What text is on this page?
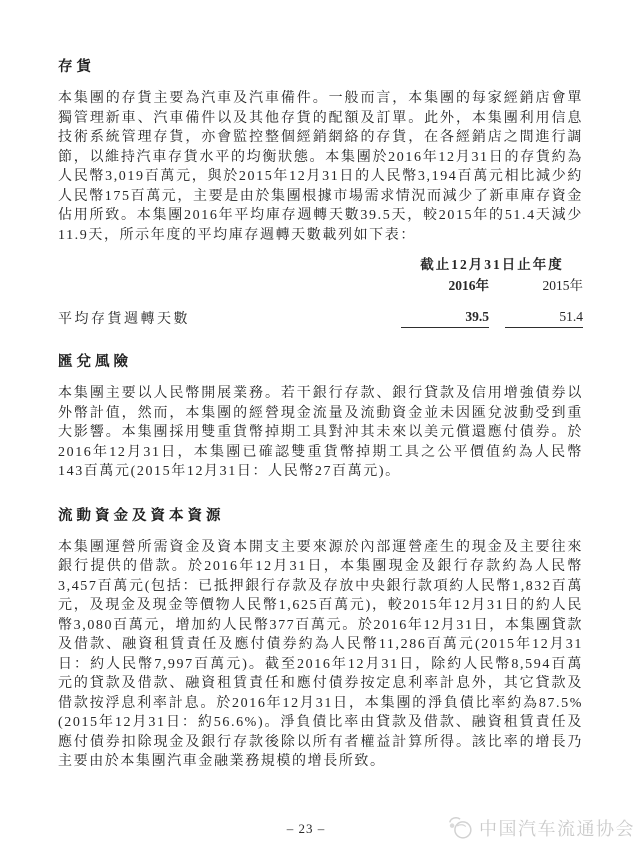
存貨

本集團的存貨主要為汽車及汽車備件。一般而言，本集團的每家經銷店會單獨管理新車、汽車備件以及其他存貨的配額及訂單。此外，本集團利用信息技術系統管理存貨，亦會監控整個經銷網絡的存貨，在各經銷店之間進行調節，以維持汽車存貨水平的均衡狀態。本集團於2016年12月31日的存貨約為人民幣3,019百萬元，與於2015年12月31日的人民幣3,194百萬元相比減少約人民幣175百萬元，主要是由於集團根據市場需求情況而減少了新車庫存資金佔用所致。本集團2016年平均庫存週轉天數39.5天，較2015年的51.4天減少11.9天，所示年度的平均庫存週轉天數載列如下表：

截止12月31日止年度
2016年	2015年
平均存貨週轉天數	39.5	51.4
匯兌風險

本集團主要以人民幣開展業務。若干銀行存款、銀行貸款及信用增強債券以外幣計值，然而，本集團的經營現金流量及流動資金並未因匯兌波動受到重大影響。本集團採用雙重貨幣掉期工具對沖其未來以美元償還應付債券。於2016年12月31日，本集團已確認雙重貨幣掉期工具之公平價值約為人民幣143百萬元(2015年12月31日：人民幣27百萬元)。

流動資金及資本資源

本集團運營所需資金及資本開支主要來源於內部運營產生的現金及主要往來銀行提供的借款。於2016年12月31日，本集團現金及銀行存款約為人民幣3,457百萬元(包括：已抵押銀行存款及存放中央銀行款項約人民幣1,832百萬元，及現金及現金等價物人民幣1,625百萬元)，較2015年12月31日的約人民幣3,080百萬元，增加約人民幣377百萬元。於2016年12月31日，本集團貸款及借款、融資租賃責任及應付債券約為人民幣11,286百萬元(2015年12月31日：約人民幣7,997百萬元)。截至2016年12月31日，除約人民幣8,594百萬元的貸款及借款、融資租賃責任和應付債券按定息利率計息外，其它貸款及借款按浮息利率計息。於2016年12月31日，本集團的淨負債比率約為87.5%(2015年12月31日：約56.6%)。淨負債比率由貸款及借款、融資租賃責任及應付債券扣除現金及銀行存款後除以所有者權益計算所得。該比率的增長乃主要由於本集團汽車金融業務規模的增長所致。

– 23 –	中国汽车流通协会
